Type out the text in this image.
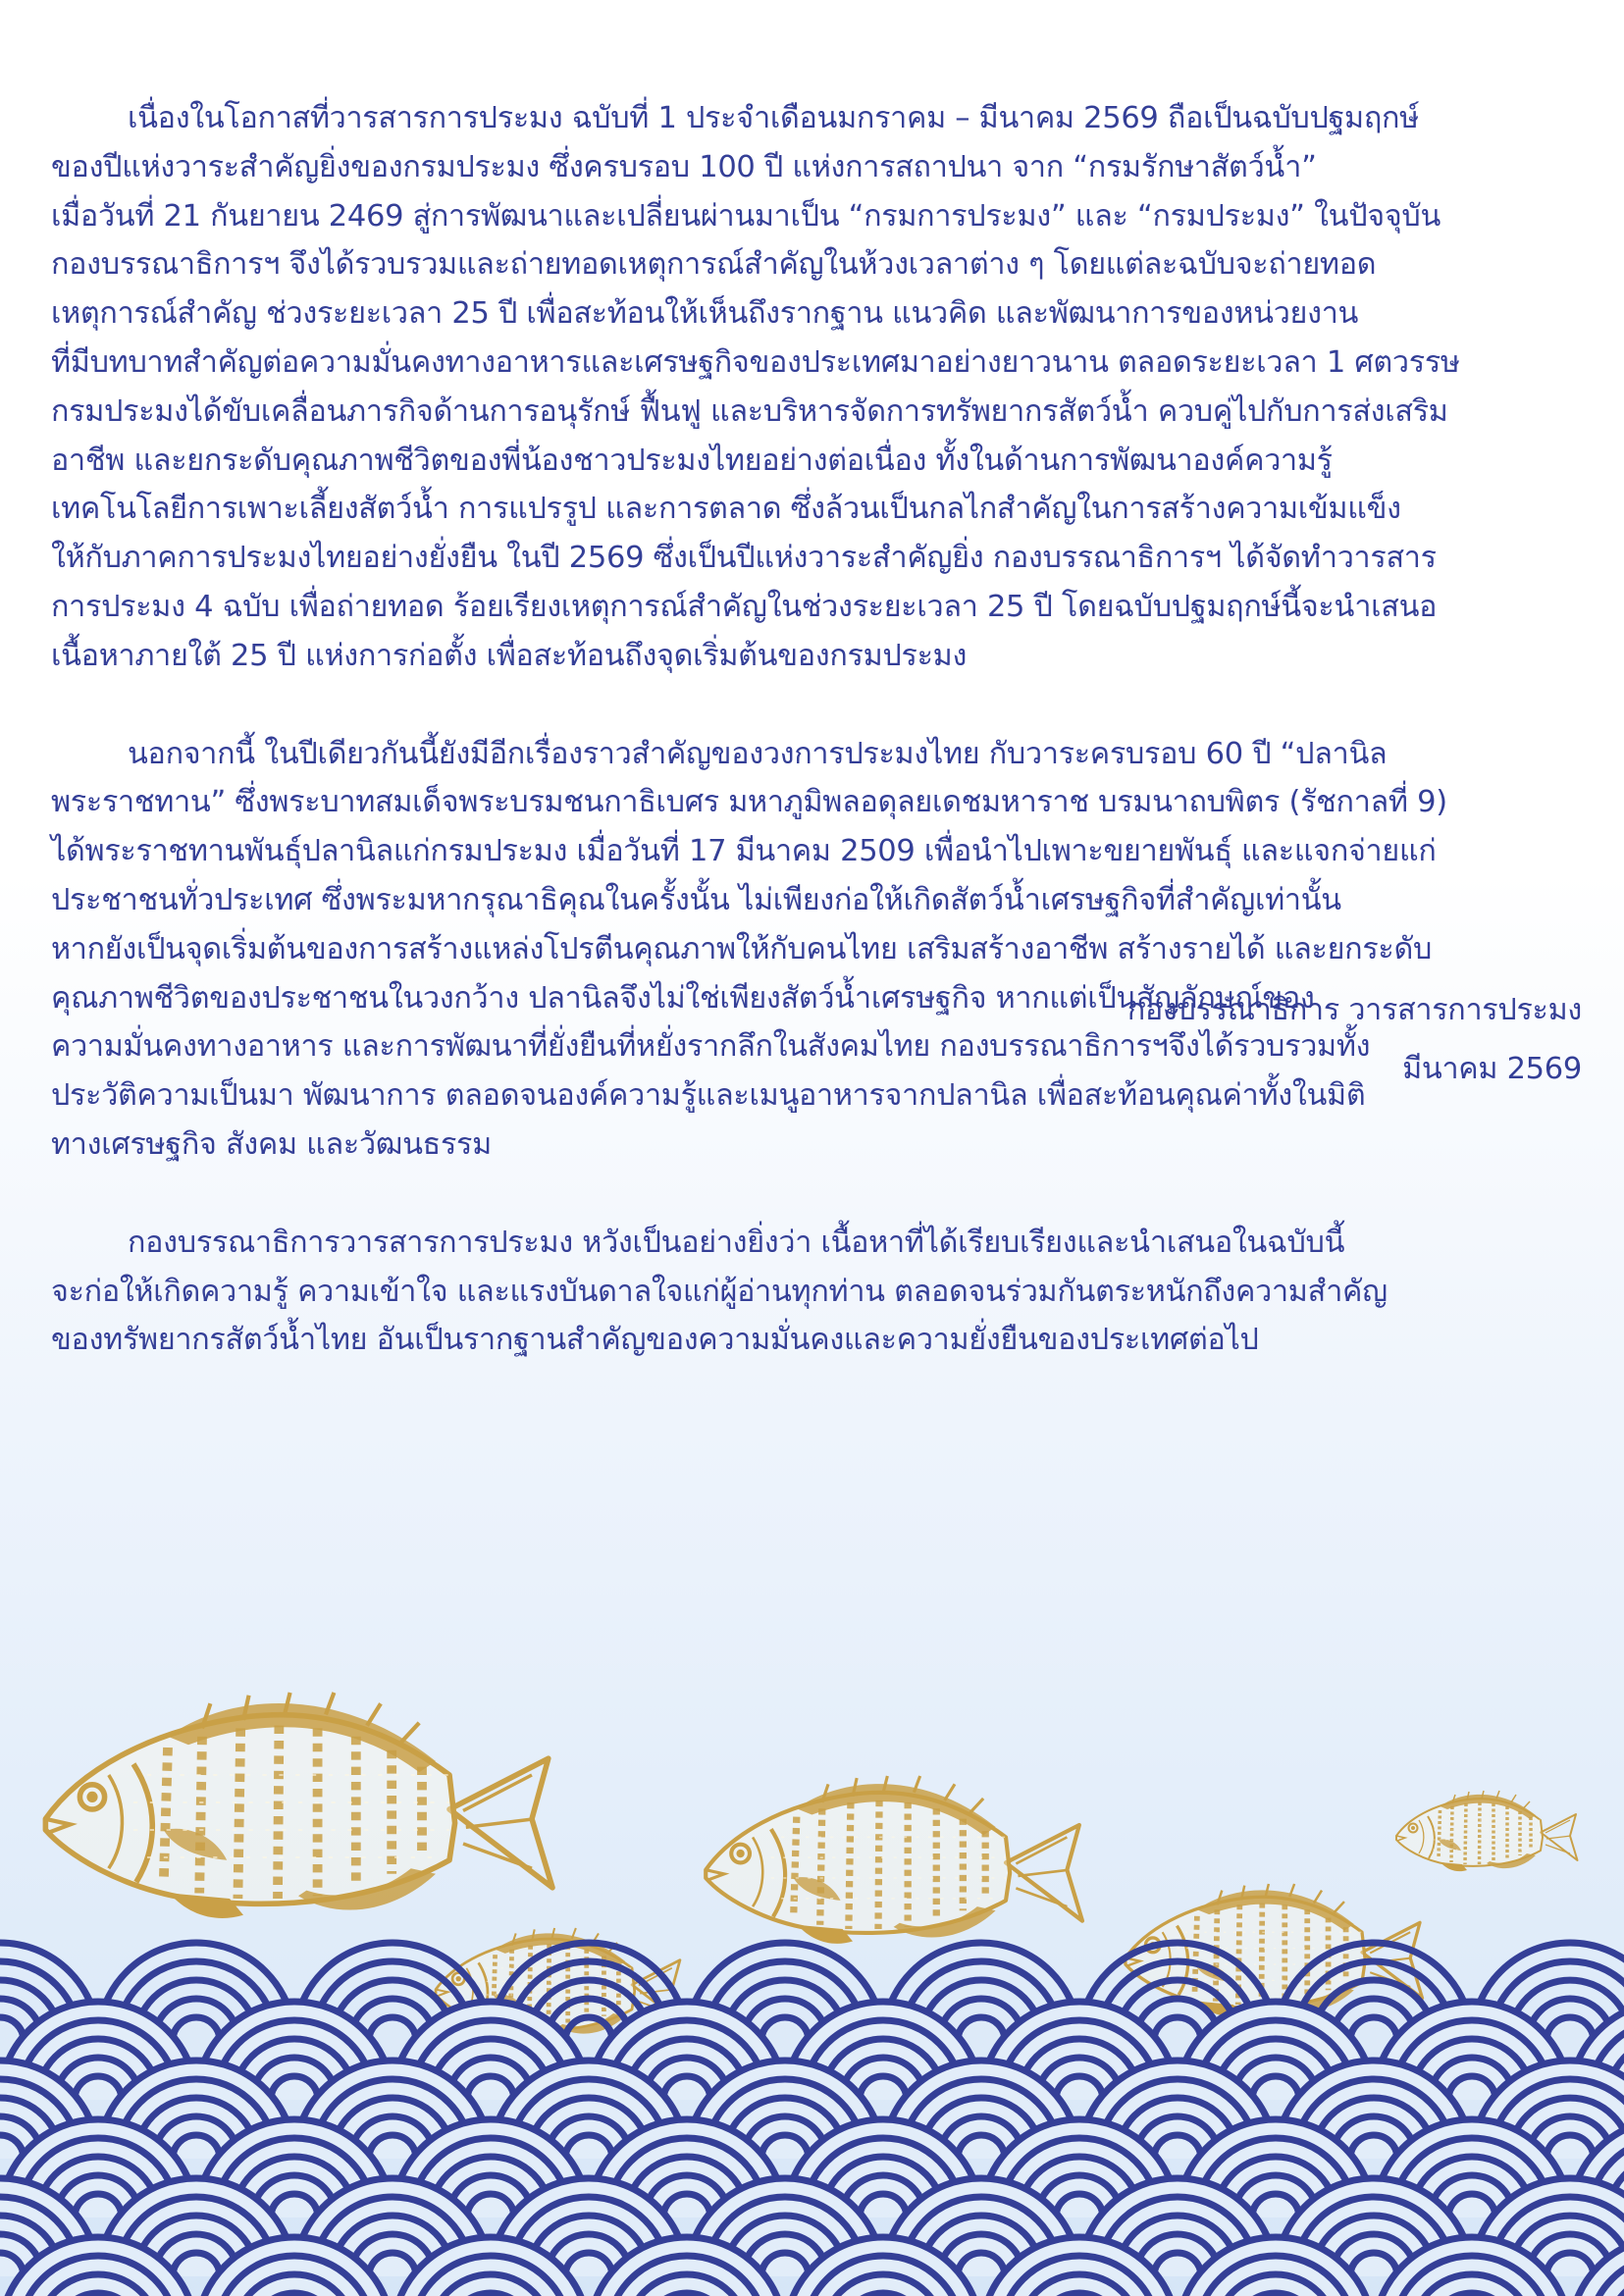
เนื่องในโอกาสที่วารสารการประมง ฉบับที่ 1 ประจำเดือนมกราคม – มีนาคม 2569 ถือเป็นฉบับปฐมฤกษ์
ของปีแห่งวาระสำคัญยิ่งของกรมประมง ซึ่งครบรอบ 100 ปี แห่งการสถาปนา จาก “กรมรักษาสัตว์น้ำ”
เมื่อวันที่ 21 กันยายน 2469 สู่การพัฒนาและเปลี่ยนผ่านมาเป็น “กรมการประมง” และ “กรมประมง” ในปัจจุบัน
กองบรรณาธิการฯ จึงได้รวบรวมและถ่ายทอดเหตุการณ์สำคัญในห้วงเวลาต่าง ๆ โดยแต่ละฉบับจะถ่ายทอด
เหตุการณ์สำคัญ ช่วงระยะเวลา 25 ปี เพื่อสะท้อนให้เห็นถึงรากฐาน แนวคิด และพัฒนาการของหน่วยงาน
ที่มีบทบาทสำคัญต่อความมั่นคงทางอาหารและเศรษฐกิจของประเทศมาอย่างยาวนาน ตลอดระยะเวลา 1 ศตวรรษ
กรมประมงได้ขับเคลื่อนภารกิจด้านการอนุรักษ์ ฟื้นฟู และบริหารจัดการทรัพยากรสัตว์น้ำ ควบคู่ไปกับการส่งเสริม
อาชีพ และยกระดับคุณภาพชีวิตของพี่น้องชาวประมงไทยอย่างต่อเนื่อง ทั้งในด้านการพัฒนาองค์ความรู้
เทคโนโลยีการเพาะเลี้ยงสัตว์น้ำ การแปรรูป และการตลาด ซึ่งล้วนเป็นกลไกสำคัญในการสร้างความเข้มแข็ง
ให้กับภาคการประมงไทยอย่างยั่งยืน ในปี 2569 ซึ่งเป็นปีแห่งวาระสำคัญยิ่ง กองบรรณาธิการฯ ได้จัดทำวารสาร
การประมง 4 ฉบับ เพื่อถ่ายทอด ร้อยเรียงเหตุการณ์สำคัญในช่วงระยะเวลา 25 ปี โดยฉบับปฐมฤกษ์นี้จะนำเสนอ
เนื้อหาภายใต้ 25 ปี แห่งการก่อตั้ง เพื่อสะท้อนถึงจุดเริ่มต้นของกรมประมง
นอกจากนี้ ในปีเดียวกันนี้ยังมีอีกเรื่องราวสำคัญของวงการประมงไทย กับวาระครบรอบ 60 ปี “ปลานิล
พระราชทาน” ซึ่งพระบาทสมเด็จพระบรมชนกาธิเบศร มหาภูมิพลอดุลยเดชมหาราช บรมนาถบพิตร (รัชกาลที่ 9)
ได้พระราชทานพันธุ์ปลานิลแก่กรมประมง เมื่อวันที่ 17 มีนาคม 2509 เพื่อนำไปเพาะขยายพันธุ์ และแจกจ่ายแก่
ประชาชนทั่วประเทศ ซึ่งพระมหากรุณาธิคุณในครั้งนั้น ไม่เพียงก่อให้เกิดสัตว์น้ำเศรษฐกิจที่สำคัญเท่านั้น
หากยังเป็นจุดเริ่มต้นของการสร้างแหล่งโปรตีนคุณภาพให้กับคนไทย เสริมสร้างอาชีพ สร้างรายได้ และยกระดับ
คุณภาพชีวิตของประชาชนในวงกว้าง ปลานิลจึงไม่ใช่เพียงสัตว์น้ำเศรษฐกิจ หากแต่เป็นสัญลักษณ์ของ
ความมั่นคงทางอาหาร และการพัฒนาที่ยั่งยืนที่หยั่งรากลึกในสังคมไทย กองบรรณาธิการฯจึงได้รวบรวมทั้ง
ประวัติความเป็นมา พัฒนาการ ตลอดจนองค์ความรู้และเมนูอาหารจากปลานิล เพื่อสะท้อนคุณค่าทั้งในมิติ
ทางเศรษฐกิจ สังคม และวัฒนธรรม
กองบรรณาธิการวารสารการประมง หวังเป็นอย่างยิ่งว่า เนื้อหาที่ได้เรียบเรียงและนำเสนอในฉบับนี้
จะก่อให้เกิดความรู้ ความเข้าใจ และแรงบันดาลใจแก่ผู้อ่านทุกท่าน ตลอดจนร่วมกันตระหนักถึงความสำคัญ
ของทรัพยากรสัตว์น้ำไทย อันเป็นรากฐานสำคัญของความมั่นคงและความยั่งยืนของประเทศต่อไป
กองบรรณาธิการ วารสารการประมง
มีนาคม 2569
